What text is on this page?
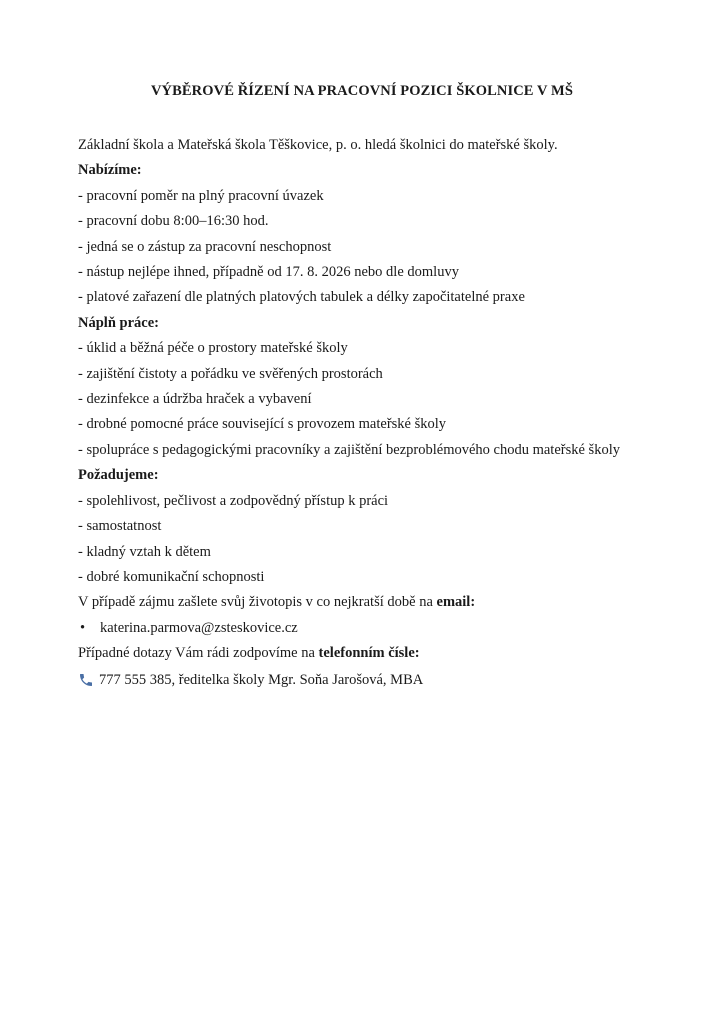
VÝBĚROVÉ ŘÍZENÍ NA PRACOVNÍ POZICI ŠKOLNICE V MŠ
Základní škola a Mateřská škola Těškovice, p. o. hledá školnici do mateřské školy.
Nabízíme:
- pracovní poměr na plný pracovní úvazek
- pracovní dobu 8:00–16:30 hod.
- jedná se o zástup za pracovní neschopnost
- nástup nejlépe ihned, případně od 17. 8. 2026 nebo dle domluvy
- platové zařazení dle platných platových tabulek a délky započitatelné praxe
Náplň práce:
- úklid a běžná péče o prostory mateřské školy
- zajištění čistoty a pořádku ve svěřených prostorách
- dezinfekce a údržba hraček a vybavení
- drobné pomocné práce související s provozem mateřské školy
- spolupráce s pedagogickými pracovníky a zajištění bezproblémového chodu mateřské školy
Požadujeme:
- spolehlivost, pečlivost a zodpovědný přístup k práci
- samostatnost
- kladný vztah k dětem
- dobré komunikační schopnosti
V případě zájmu zašlete svůj životopis v co nejkratší době na email:
• katerina.parmova@zsteskovice.cz
Případné dotazy Vám rádi zodpovíme na telefonním čísle:
777 555 385, ředitelka školy Mgr. Soňa Jarošová, MBA
